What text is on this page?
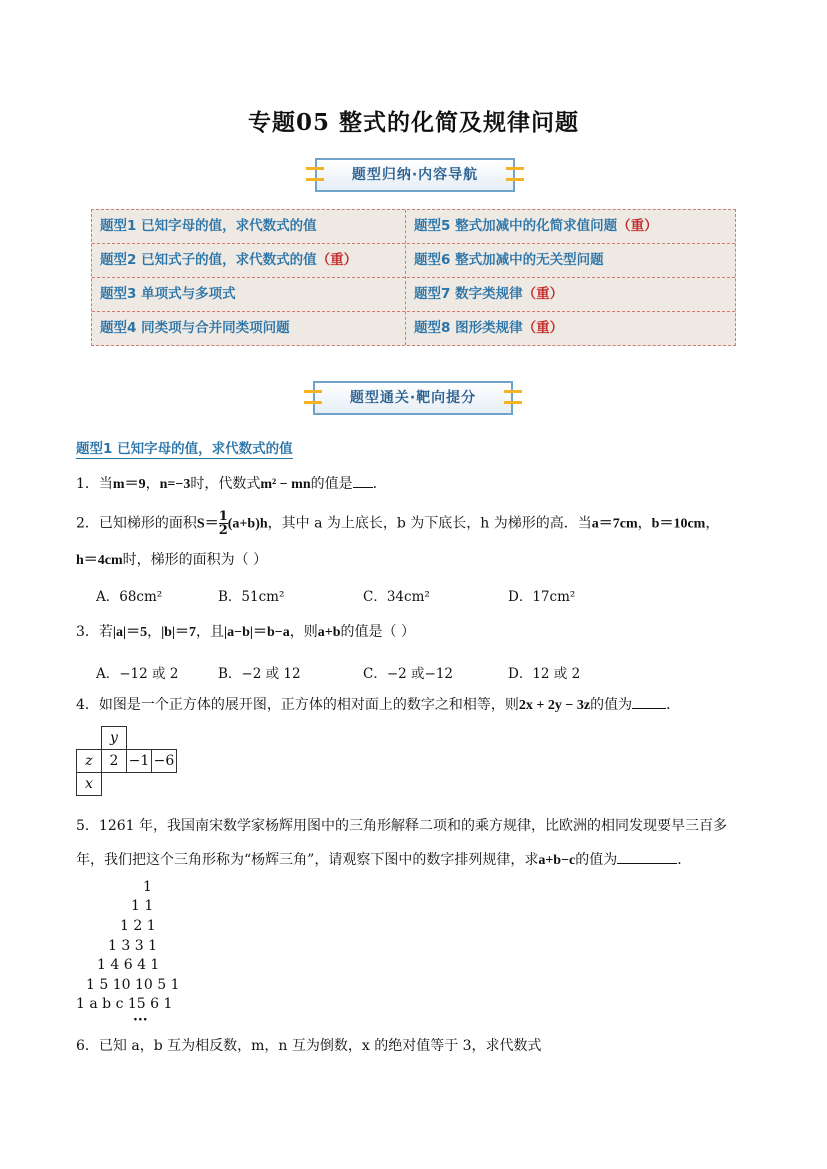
专题05 整式的化简及规律问题
题型归纳·内容导航
题型1 已知字母的值，求代数式的值	题型5 整式加减中的化简求值问题（重）
题型2 已知式子的值，求代数式的值（重）	题型6 整式加减中的无关型问题
题型3 单项式与多项式	题型7 数字类规律（重）
题型4 同类项与合并同类项问题	题型8 图形类规律（重）
题型通关·靶向提分
题型1 已知字母的值，求代数式的值
1．当m＝9，n=−3时，代数式m² − mn的值是 ．
2．已知梯形的面积$S=\frac{1}{2} (a+b)h$，其中 a 为上底长，b 为下底长，h 为梯形的高．当a＝7cm，b＝10cm，
h＝4cm时，梯形的面积为（ ）
A．68cm²	B．51cm²	C．34cm²	D．17cm²
3．若|a|＝5，|b|＝7，且|a−b|＝b−a，则a+b的值是（ ）
A．−12 或 2	B．−2 或 12	C．−2 或−12	D．12 或 2
4．如图是一个正方体的展开图，正方体的相对面上的数字之和相等，则2x + 2y − 3z的值为 ．
	y			
z	2	−1	−6	
x				
5．1261 年，我国南宋数学家杨辉用图中的三角形解释二项和的乘方规律，比欧洲的相同发现要早三百多
年，我们把这个三角形称为“杨辉三角”，请观察下图中的数字排列规律，求a+b−c的值为	．
1
1 1
1 2 1
1 3 3 1
1 4 6 4 1
1 5 10 10 5 1
1 a b c 15 6 1
···
6．已知 a，b 互为相反数，m，n 互为倒数，x 的绝对值等于 3，求代数式
